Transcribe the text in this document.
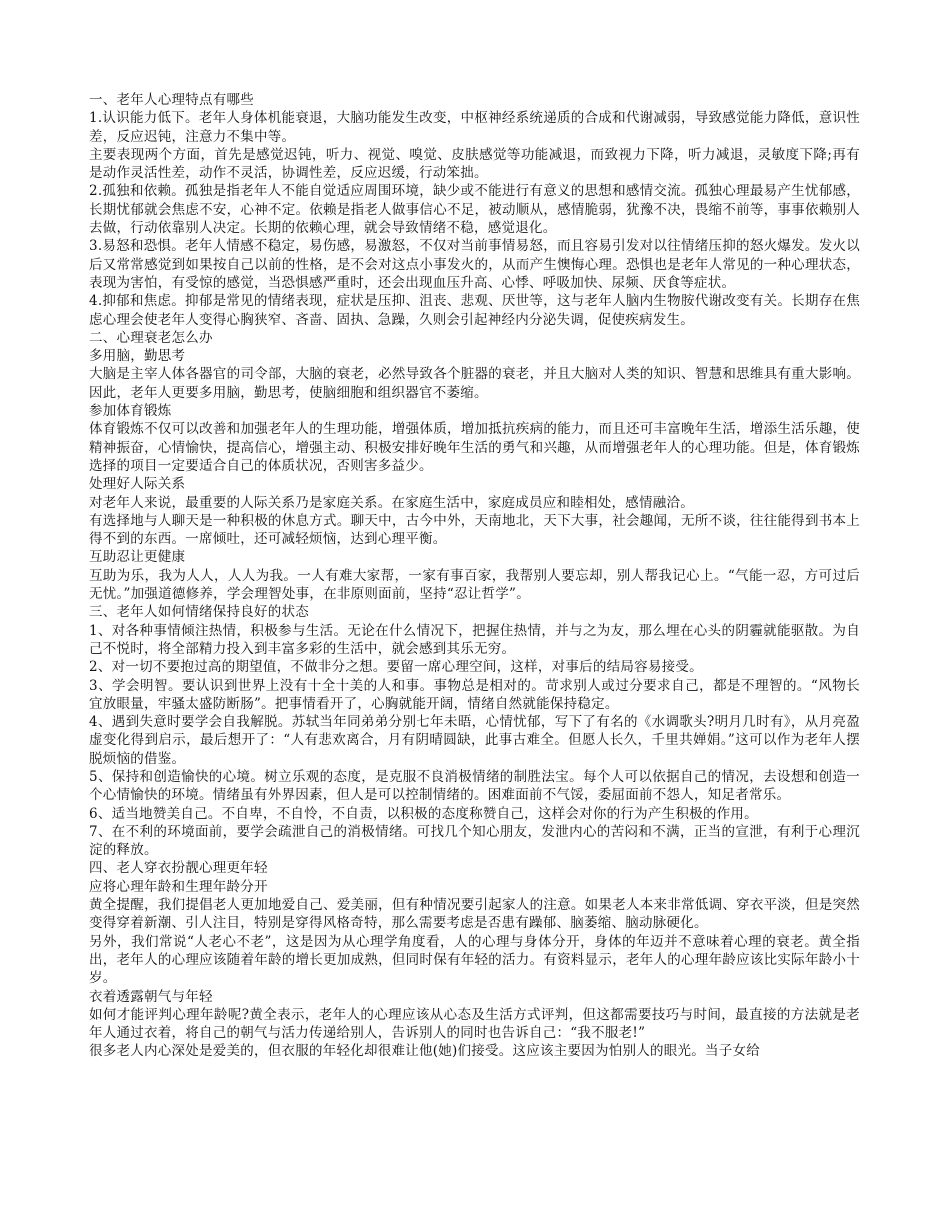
一、老年人心理特点有哪些

1.认识能力低下。老年人身体机能衰退，大脑功能发生改变，中枢神经系统递质的合成和代谢减弱，导致感觉能力降低，意识性差，反应迟钝，注意力不集中等。

主要表现两个方面，首先是感觉迟钝，听力、视觉、嗅觉、皮肤感觉等功能减退，而致视力下降，听力减退，灵敏度下降;再有是动作灵活性差，动作不灵活，协调性差，反应迟缓，行动笨拙。

2.孤独和依赖。孤独是指老年人不能自觉适应周围环境，缺少或不能进行有意义的思想和感情交流。孤独心理最易产生忧郁感，长期忧郁就会焦虑不安，心神不定。依赖是指老人做事信心不足，被动顺从，感情脆弱，犹豫不决，畏缩不前等，事事依赖别人去做，行动依靠别人决定。长期的依赖心理，就会导致情绪不稳，感觉退化。

3.易怒和恐惧。老年人情感不稳定，易伤感，易激怒，不仅对当前事情易怒，而且容易引发对以往情绪压抑的怒火爆发。发火以后又常常感觉到如果按自己以前的性格，是不会对这点小事发火的，从而产生懊悔心理。恐惧也是老年人常见的一种心理状态，表现为害怕，有受惊的感觉，当恐惧感严重时，还会出现血压升高、心悸、呼吸加快、尿频、厌食等症状。

4.抑郁和焦虑。抑郁是常见的情绪表现，症状是压抑、沮丧、悲观、厌世等，这与老年人脑内生物胺代谢改变有关。长期存在焦虑心理会使老年人变得心胸狭窄、吝啬、固执、急躁，久则会引起神经内分泌失调，促使疾病发生。

二、心理衰老怎么办

多用脑，勤思考

大脑是主宰人体各器官的司令部，大脑的衰老，必然导致各个脏器的衰老，并且大脑对人类的知识、智慧和思维具有重大影响。因此，老年人更要多用脑，勤思考，使脑细胞和组织器官不萎缩。

参加体育锻炼

体育锻炼不仅可以改善和加强老年人的生理功能，增强体质，增加抵抗疾病的能力，而且还可丰富晚年生活，增添生活乐趣，使精神振奋，心情愉快，提高信心，增强主动、积极安排好晚年生活的勇气和兴趣，从而增强老年人的心理功能。但是，体育锻炼选择的项目一定要适合自己的体质状况，否则害多益少。

处理好人际关系

对老年人来说，最重要的人际关系乃是家庭关系。在家庭生活中，家庭成员应和睦相处，感情融洽。

有选择地与人聊天是一种积极的休息方式。聊天中，古今中外，天南地北，天下大事，社会趣闻，无所不谈，往往能得到书本上得不到的东西。一席倾吐，还可减轻烦恼，达到心理平衡。

互助忍让更健康

互助为乐，我为人人，人人为我。一人有难大家帮，一家有事百家，我帮别人要忘却，别人帮我记心上。“气能一忍，方可过后无忧。”加强道德修养，学会理智处事，在非原则面前，坚持“忍让哲学”。

三、老年人如何情绪保持良好的状态

1、对各种事情倾注热情，积极参与生活。无论在什么情况下，把握住热情，并与之为友，那么埋在心头的阴霾就能驱散。为自己不悦时，将全部精力投入到丰富多彩的生活中，就会感到其乐无穷。

2、对一切不要抱过高的期望值，不做非分之想。要留一席心理空间，这样，对事后的结局容易接受。

3、学会明智。要认识到世界上没有十全十美的人和事。事物总是相对的。苛求别人或过分要求自己，都是不理智的。“风物长宜放眼量，牢骚太盛防断肠”。把事情看开了，心胸就能开阔，情绪自然就能保持稳定。

4、遇到失意时要学会自我解脱。苏轼当年同弟弟分别七年未晤，心情忧郁，写下了有名的《水调歌头?明月几时有》，从月亮盈虚变化得到启示，最后想开了：“人有悲欢离合，月有阴晴圆缺，此事古难全。但愿人长久，千里共婵娟。”这可以作为老年人摆脱烦恼的借鉴。

5、保持和创造愉快的心境。树立乐观的态度，是克服不良消极情绪的制胜法宝。每个人可以依据自己的情况，去设想和创造一个心情愉快的环境。情绪虽有外界因素，但人是可以控制情绪的。困难面前不气馁，委屈面前不怨人，知足者常乐。

6、适当地赞美自己。不自卑，不自怜，不自责，以积极的态度称赞自己，这样会对你的行为产生积极的作用。

7、在不利的环境面前，要学会疏泄自己的消极情绪。可找几个知心朋友，发泄内心的苦闷和不满，正当的宣泄，有利于心理沉淀的释放。

四、老人穿衣扮靓心理更年轻

应将心理年龄和生理年龄分开

黄全提醒，我们提倡老人更加地爱自己、爱美丽，但有种情况要引起家人的注意。如果老人本来非常低调、穿衣平淡，但是突然变得穿着新潮、引人注目，特别是穿得风格奇特，那么需要考虑是否患有躁郁、脑萎缩、脑动脉硬化。

另外，我们常说“人老心不老”，这是因为从心理学角度看，人的心理与身体分开，身体的年迈并不意味着心理的衰老。黄全指出，老年人的心理应该随着年龄的增长更加成熟，但同时保有年轻的活力。有资料显示，老年人的心理年龄应该比实际年龄小十岁。

衣着透露朝气与年轻

如何才能评判心理年龄呢?黄全表示，老年人的心理应该从心态及生活方式评判，但这都需要技巧与时间，最直接的方法就是老年人通过衣着，将自己的朝气与活力传递给别人，告诉别人的同时也告诉自己：“我不服老!”

很多老人内心深处是爱美的，但衣服的年轻化却很难让他(她)们接受。这应该主要因为怕别人的眼光。当子女给
